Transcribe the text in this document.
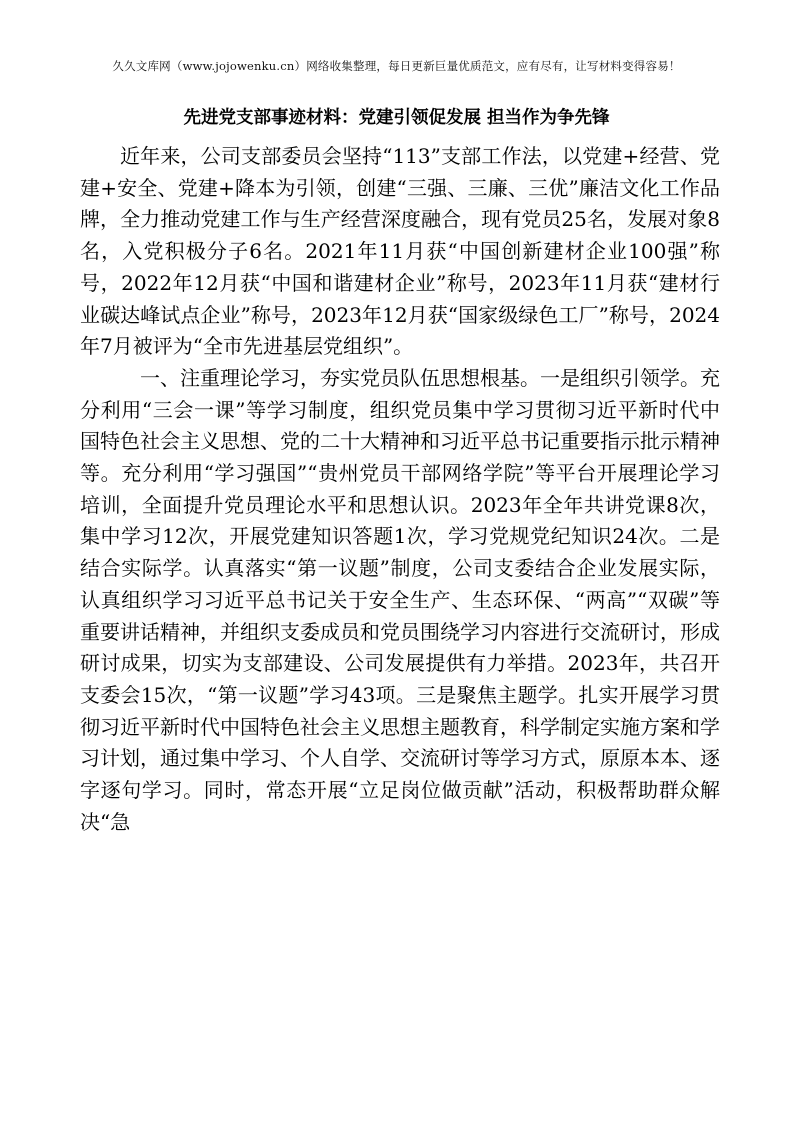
久久文库网（www.jojowenku.cn）网络收集整理，每日更新巨量优质范文，应有尽有，让写材料变得容易！
先进党支部事迹材料：党建引领促发展 担当作为争先锋

近年来，公司支部委员会坚持“113”支部工作法，以党建+经营、党建+安全、党建+降本为引领，创建“三强、三廉、三优”廉洁文化工作品牌，全力推动党建工作与生产经营深度融合，现有党员25名，发展对象8名，入党积极分子6名。2021年11月获“中国创新建材企业100强”称号，2022年12月获“中国和谐建材企业”称号，2023年11月获“建材行业碳达峰试点企业”称号，2023年12月获“国家级绿色工厂”称号，2024年7月被评为“全市先进基层党组织”。

一、注重理论学习，夯实党员队伍思想根基。一是组织引领学。充分利用“三会一课”等学习制度，组织党员集中学习贯彻习近平新时代中国特色社会主义思想、党的二十大精神和习近平总书记重要指示批示精神等。充分利用“学习强国”“贵州党员干部网络学院”等平台开展理论学习培训，全面提升党员理论水平和思想认识。2023年全年共讲党课8次，集中学习12次，开展党建知识答题1次，学习党规党纪知识24次。二是结合实际学。认真落实“第一议题”制度，公司支委结合企业发展实际，认真组织学习习近平总书记关于安全生产、生态环保、“两高”“双碳”等重要讲话精神，并组织支委成员和党员围绕学习内容进行交流研讨，形成研讨成果，切实为支部建设、公司发展提供有力举措。2023年，共召开支委会15次，“第一议题”学习43项。三是聚焦主题学。扎实开展学习贯彻习近平新时代中国特色社会主义思想主题教育，科学制定实施方案和学习计划，通过集中学习、个人自学、交流研讨等学习方式，原原本本、逐字逐句学习。同时，常态开展“立足岗位做贡献”活动，积极帮助群众解决“急
